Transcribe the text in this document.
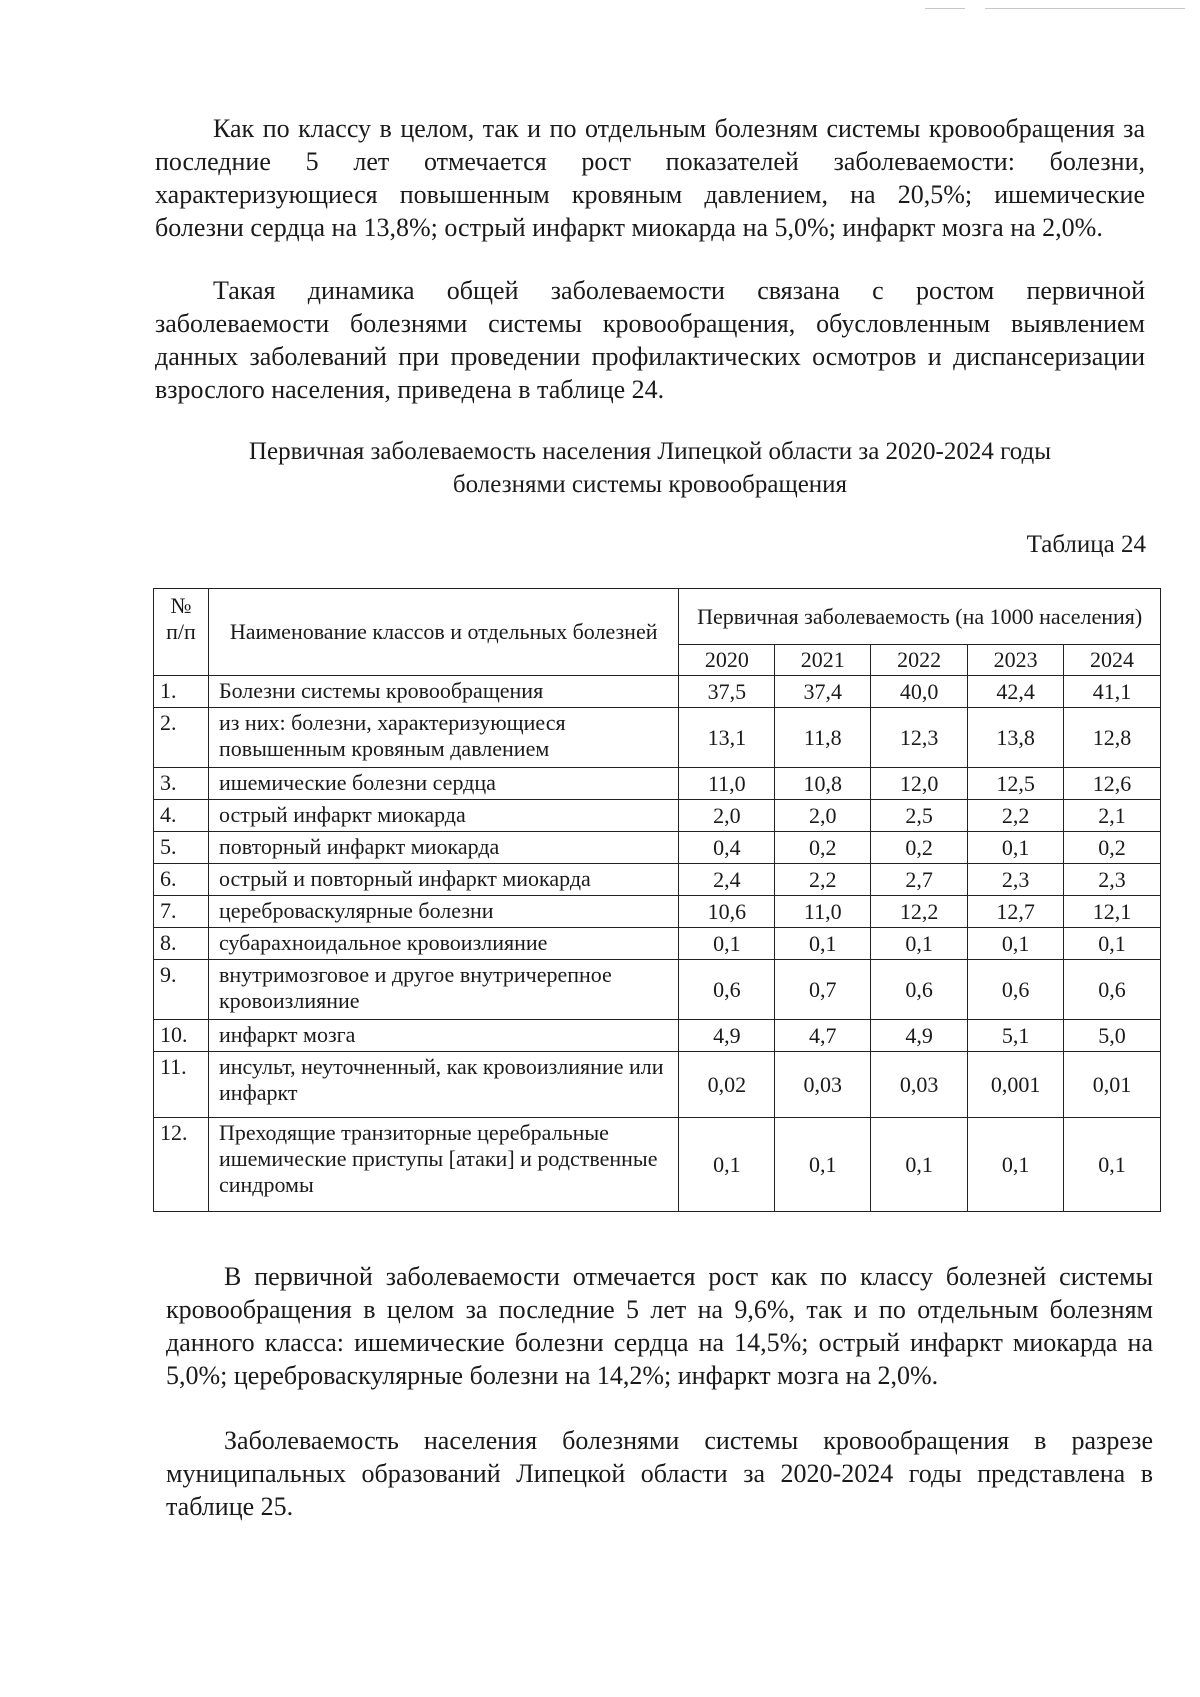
Как по классу в целом, так и по отдельным болезням системы кровообращения за последние 5 лет отмечается рост показателей заболеваемости: болезни, характеризующиеся повышенным кровяным давлением, на 20,5%; ишемические болезни сердца на 13,8%; острый инфаркт миокарда на 5,0%; инфаркт мозга на 2,0%.

Такая динамика общей заболеваемости связана с ростом первичной заболеваемости болезнями системы кровообращения, обусловленным выявлением данных заболеваний при проведении профилактических осмотров и диспансеризации взрослого населения, приведена в таблице 24.

Первичная заболеваемость населения Липецкой области за 2020-2024 годы
болезнями системы кровообращения
Таблица 24
№ п/п	Наименование классов и отдельных болезней	Первичная заболеваемость (на 1000 населения)				
		2020	2021	2022	2023	2024
1.	Болезни системы кровообращения	37,5	37,4	40,0	42,4	41,1
2.	из них: болезни, характеризующиеся повышенным кровяным давлением	13,1	11,8	12,3	13,8	12,8
3.	ишемические болезни сердца	11,0	10,8	12,0	12,5	12,6
4.	острый инфаркт миокарда	2,0	2,0	2,5	2,2	2,1
5.	повторный инфаркт миокарда	0,4	0,2	0,2	0,1	0,2
6.	острый и повторный инфаркт миокарда	2,4	2,2	2,7	2,3	2,3
7.	цереброваскулярные болезни	10,6	11,0	12,2	12,7	12,1
8.	субарахноидальное кровоизлияние	0,1	0,1	0,1	0,1	0,1
9.	внутримозговое и другое внутричерепное кровоизлияние	0,6	0,7	0,6	0,6	0,6
10.	инфаркт мозга	4,9	4,7	4,9	5,1	5,0
11.	инсульт, неуточненный, как кровоизлияние или инфаркт	0,02	0,03	0,03	0,001	0,01
12.	Преходящие транзиторные церебральные ишемические приступы [атаки] и родственные синдромы	0,1	0,1	0,1	0,1	0,1

В первичной заболеваемости отмечается рост как по классу болезней системы кровообращения в целом за последние 5 лет на 9,6%, так и по отдельным болезням данного класса: ишемические болезни сердца на 14,5%; острый инфаркт миокарда на 5,0%; цереброваскулярные болезни на 14,2%; инфаркт мозга на 2,0%.

Заболеваемость населения болезнями системы кровообращения в разрезе муниципальных образований Липецкой области за 2020-2024 годы представлена в таблице 25.
